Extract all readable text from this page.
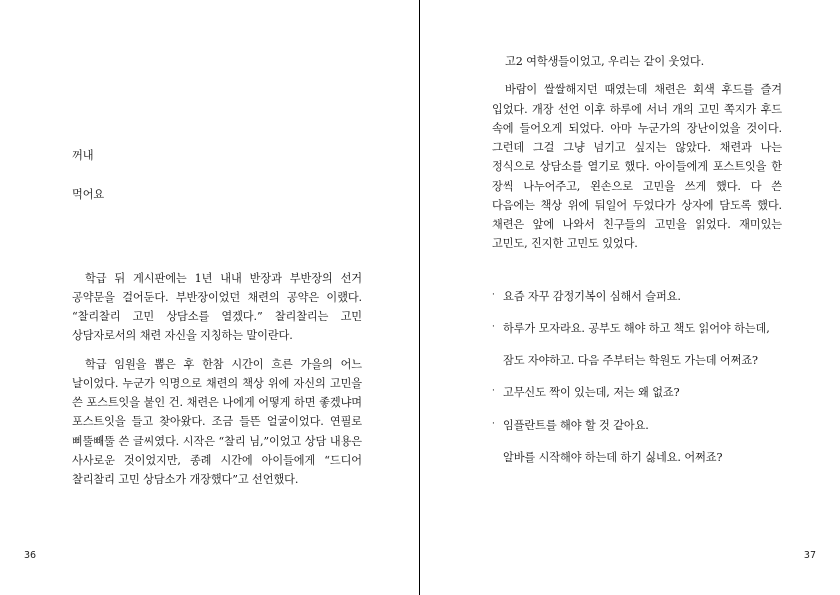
꺼내

먹어요

학급 뒤 게시판에는 1년 내내 반장과 부반장의 선거 공약문을 걸어둔다. 부반장이었던 채련의 공약은 이랬다. “찰리찰리 고민 상담소를 열겠다.” 찰리찰리는 고민 상담자로서의 채련 자신을 지칭하는 말이란다.

학급 임원을 뽑은 후 한참 시간이 흐른 가을의 어느 날이었다. 누군가 익명으로 채련의 책상 위에 자신의 고민을 쓴 포스트잇을 붙인 건. 채련은 나에게 어떻게 하면 좋겠냐며 포스트잇을 들고 찾아왔다. 조금 들뜬 얼굴이었다. 연필로 삐뚤빼뚤 쓴 글씨였다. 시작은 “찰리 님,”이었고 상담 내용은 사사로운 것이었지만, 종례 시간에 아이들에게 “드디어 찰리찰리 고민 상담소가 개장했다”고 선언했다.

36

고2 여학생들이었고, 우리는 같이 웃었다.

바람이 쌀쌀해지던 때였는데 채련은 회색 후드를 즐겨 입었다. 개장 선언 이후 하루에 서너 개의 고민 쪽지가 후드 속에 들어오게 되었다. 아마 누군가의 장난이었을 것이다. 그런데 그걸 그냥 넘기고 싶지는 않았다. 채련과 나는 정식으로 상담소를 열기로 했다. 아이들에게 포스트잇을 한 장씩 나누어주고, 왼손으로 고민을 쓰게 했다. 다 쓴 다음에는 책상 위에 둬일어 두었다가 상자에 담도록 했다. 채련은 앞에 나와서 친구들의 고민을 읽었다. 재미있는 고민도, 진지한 고민도 있었다.

· 요즘 자꾸 감정기복이 심해서 슬퍼요.
· 하루가 모자라요. 공부도 해야 하고 책도 읽어야 하는데,
잠도 자야하고. 다음 주부터는 학원도 가는데 어쩌죠?
· 고무신도 짝이 있는데, 저는 왜 없죠?
· 임플란트를 해야 할 것 같아요.
알바를 시작해야 하는데 하기 싫네요. 어쩌죠?
37
